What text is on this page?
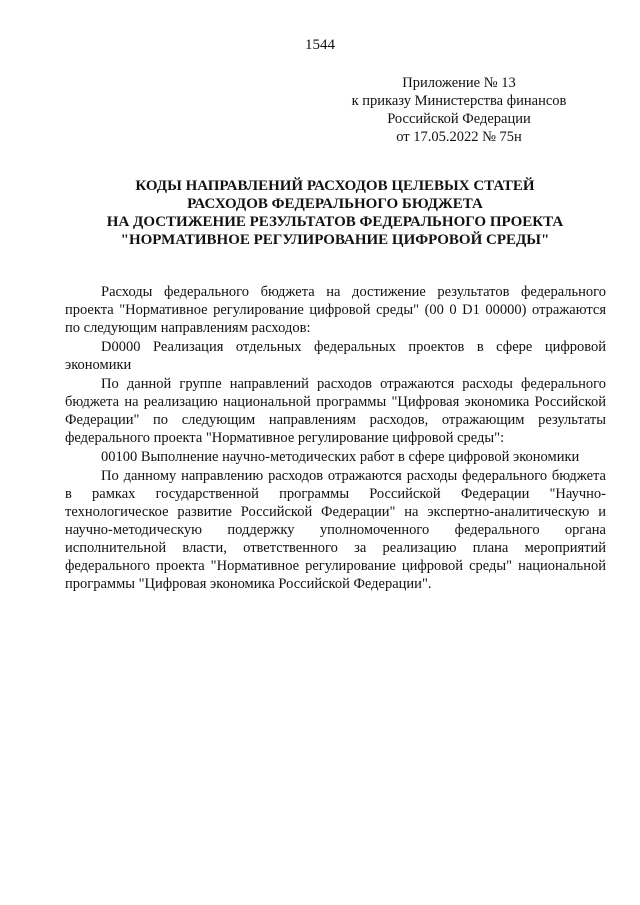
1544
Приложение № 13
к приказу Министерства финансов
Российской Федерации
от 17.05.2022 № 75н
КОДЫ НАПРАВЛЕНИЙ РАСХОДОВ ЦЕЛЕВЫХ СТАТЕЙ
РАСХОДОВ ФЕДЕРАЛЬНОГО БЮДЖЕТА
НА ДОСТИЖЕНИЕ РЕЗУЛЬТАТОВ ФЕДЕРАЛЬНОГО ПРОЕКТА
"НОРМАТИВНОЕ РЕГУЛИРОВАНИЕ ЦИФРОВОЙ СРЕДЫ"

Расходы федерального бюджета на достижение результатов федерального проекта "Нормативное регулирование цифровой среды" (00 0 D1 00000) отражаются по следующим направлениям расходов:

D0000 Реализация отдельных федеральных проектов в сфере цифровой экономики

По данной группе направлений расходов отражаются расходы федерального бюджета на реализацию национальной программы "Цифровая экономика Российской Федерации" по следующим направлениям расходов, отражающим результаты федерального проекта "Нормативное регулирование цифровой среды":

00100 Выполнение научно-методических работ в сфере цифровой экономики

По данному направлению расходов отражаются расходы федерального бюджета в рамках государственной программы Российской Федерации "Научно-технологическое развитие Российской Федерации" на экспертно-аналитическую и научно-методическую поддержку уполномоченного федерального органа исполнительной власти, ответственного за реализацию плана мероприятий федерального проекта "Нормативное регулирование цифровой среды" национальной программы "Цифровая экономика Российской Федерации".
